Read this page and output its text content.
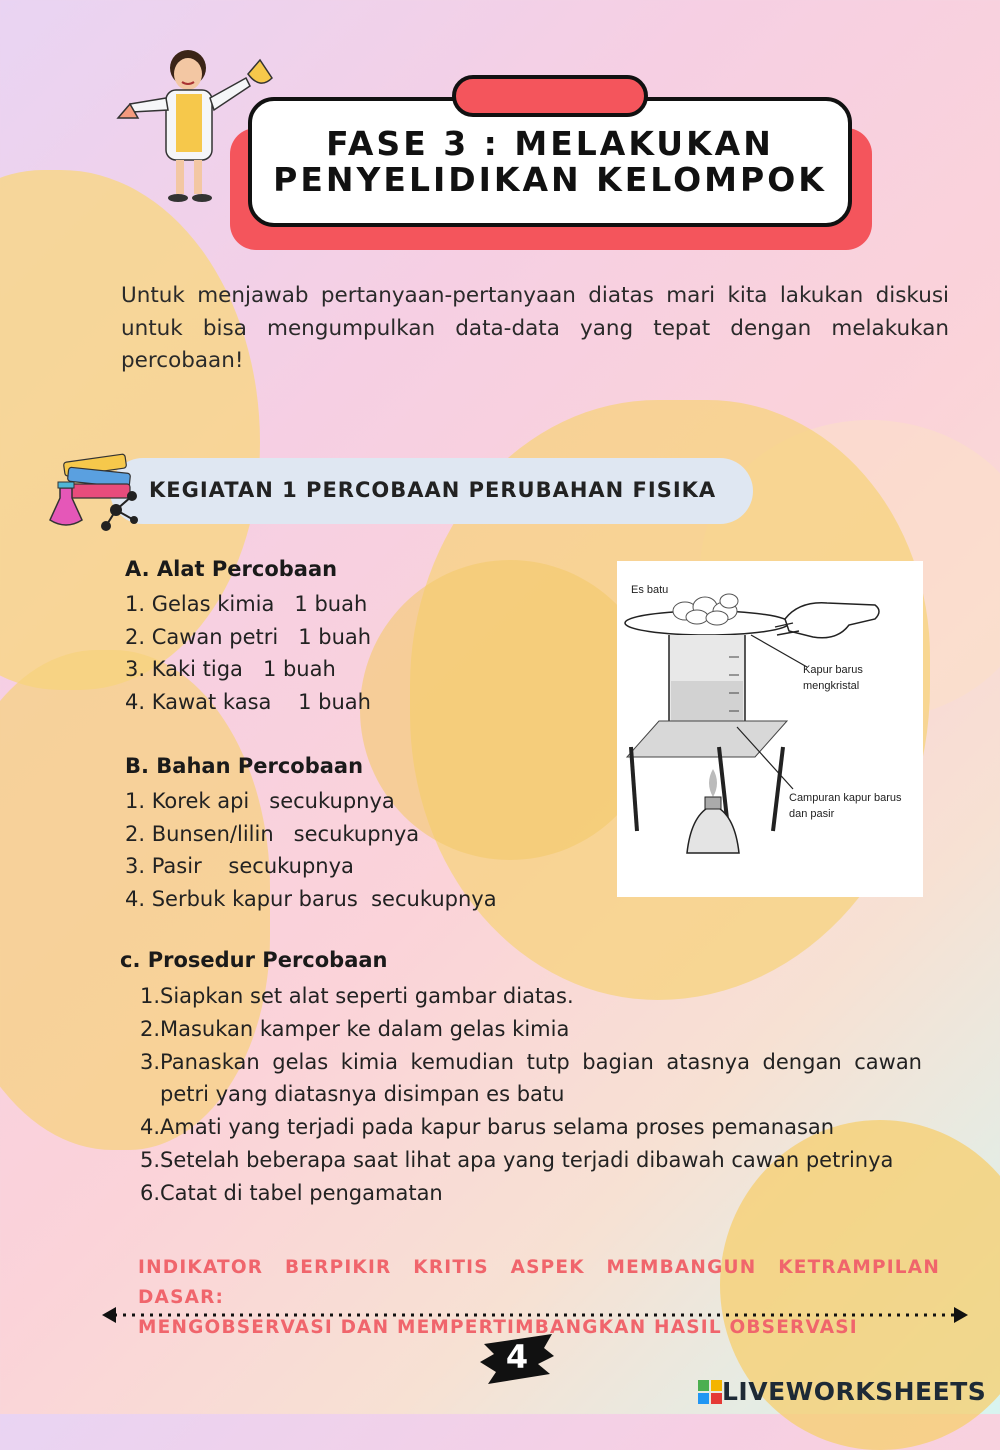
FASE 3 : MELAKUKAN
PENYELIDIKAN KELOMPOK

Untuk menjawab pertanyaan-pertanyaan diatas mari kita lakukan diskusi untuk bisa mengumpulkan data-data yang tepat dengan melakukan percobaan!

KEGIATAN 1 PERCOBAAN PERUBAHAN FISIKA
A. Alat Percobaan
1. Gelas kimia   1 buah
2. Cawan petri   1 buah
3. Kaki tiga   1 buah
4. Kawat kasa    1 buah
B. Bahan Percobaan
1. Korek api   secukupnya
2. Bunsen/lilin   secukupnya
3. Pasir    secukupnya
4. Serbuk kapur barus  secukupnya
Es batu
Kapur barus
mengkristal
Campuran kapur barus
dan pasir
c. Prosedur Percobaan
1. Siapkan set alat seperti gambar diatas.
2. Masukan kamper ke dalam gelas kimia
3. Panaskan gelas kimia kemudian tutp bagian atasnya dengan cawan petri yang diatasnya disimpan es batu
4. Amati yang terjadi pada kapur barus selama proses pemanasan
5. Setelah beberapa saat lihat apa yang terjadi dibawah cawan petrinya
6. Catat di tabel pengamatan
INDIKATOR BERPIKIR KRITIS ASPEK MEMBANGUN KETRAMPILAN DASAR:
MENGOBSERVASI DAN MEMPERTIMBANGKAN HASIL OBSERVASI
4
LIVEWORKSHEETS
